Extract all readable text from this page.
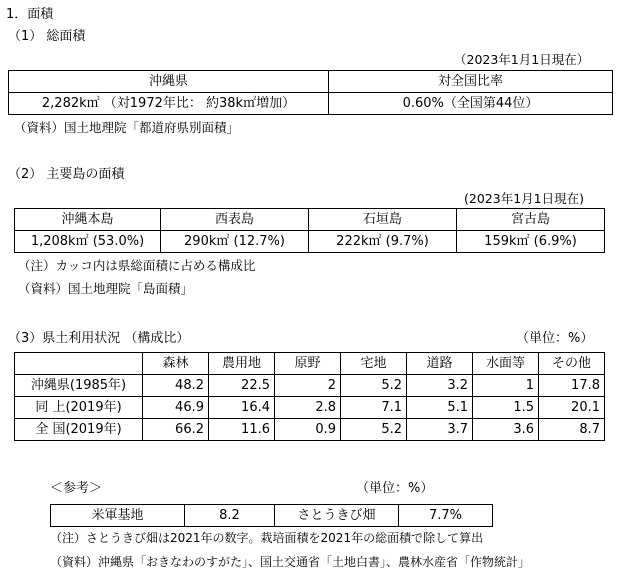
1．面積
（1） 総面積
（2023年1月1日現在）
沖縄県	対全国比率
2,282k㎡ （対1972年比： 約38k㎡増加）	0.60%（全国第44位）
（資料）国土地理院「都道府県別面積」
（2） 主要島の面積
(2023年1月1日現在)
沖縄本島	西表島	石垣島	宮古島
1,208k㎡ (53.0%)	290k㎡ (12.7%)	222k㎡ (9.7%)	159k㎡ (6.9%)
（注）カッコ内は県総面積に占める構成比
（資料）国土地理院「島面積」
（3）県土利用状況 （構成比）	（単位：%）
	森林	農用地	原野	宅地	道路	水面等	その他
沖縄県(1985年)	48.2	22.5	2	5.2	3.2	1	17.8
同 上(2019年)	46.9	16.4	2.8	7.1	5.1	1.5	20.1
全 国(2019年)	66.2	11.6	0.9	5.2	3.7	3.6	8.7
＜参考＞	（単位：%）
米軍基地	8.2	さとうきび畑	7.7%
（注）さとうきび畑は2021年の数字。栽培面積を2021年の総面積で除して算出
（資料）沖縄県「おきなわのすがた」、国土交通省「土地白書」、農林水産省「作物統計」
